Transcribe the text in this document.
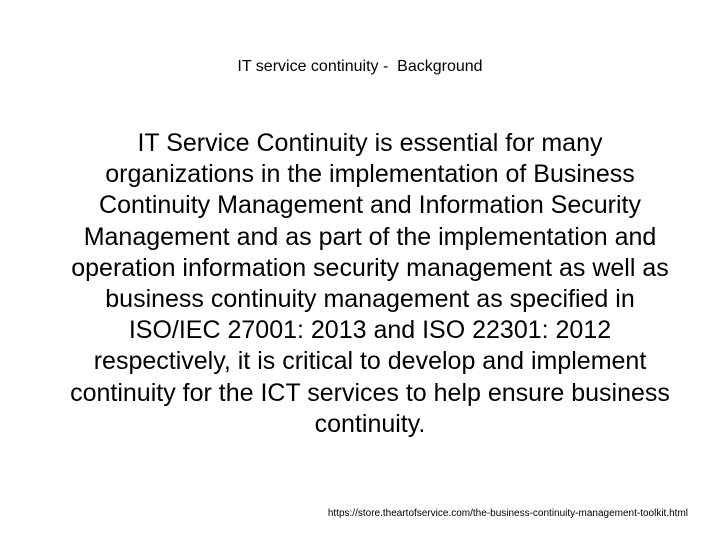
IT service continuity -  Background
IT Service Continuity is essential for many organizations in the implementation of Business Continuity Management and Information Security Management and as part of the implementation and operation information security management as well as business continuity management as specified in ISO/IEC 27001: 2013 and ISO 22301: 2012 respectively, it is critical to develop and implement continuity for the ICT services to help ensure business continuity.
https://store.theartofservice.com/the-business-continuity-management-toolkit.html
